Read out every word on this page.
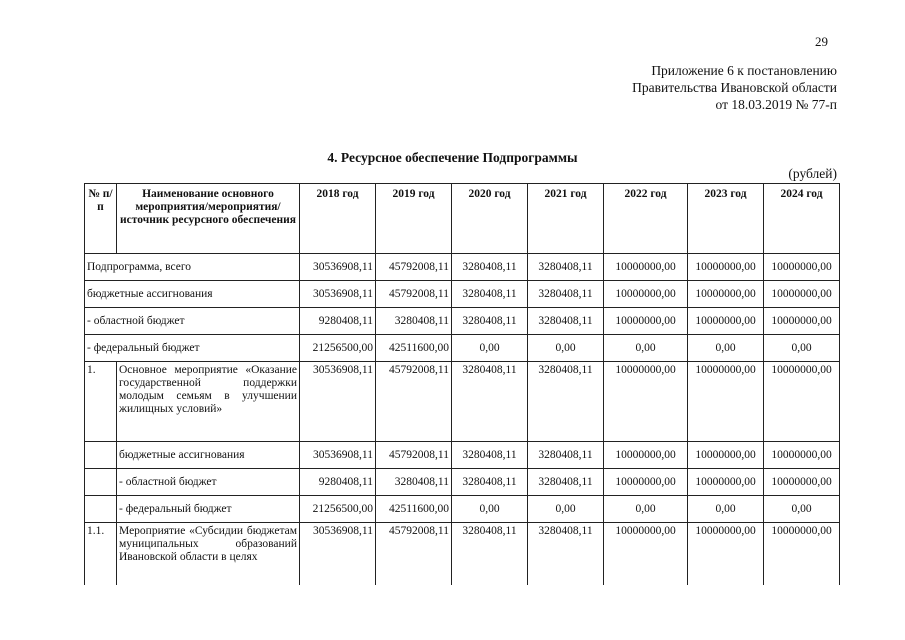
29
Приложение 6 к постановлению
Правительства Ивановской области
от 18.03.2019 № 77-п
4. Ресурсное обеспечение Подпрограммы
(рублей)
№ п/п	Наименование основного мероприятия/мероприятия/ источник ресурсного обеспечения	2018 год	2019 год	2020 год	2021 год	2022 год	2023 год	2024 год
Подпрограмма, всего		30536908,11	45792008,11	3280408,11	3280408,11	10000000,00	10000000,00	10000000,00
бюджетные ассигнования		30536908,11	45792008,11	3280408,11	3280408,11	10000000,00	10000000,00	10000000,00
- областной бюджет		9280408,11	3280408,11	3280408,11	3280408,11	10000000,00	10000000,00	10000000,00
- федеральный бюджет		21256500,00	42511600,00	0,00	0,00	0,00	0,00	0,00
1.	Основное мероприятие «Оказание государственной поддержки молодым семьям в улучшении жилищных условий»	30536908,11	45792008,11	3280408,11	3280408,11	10000000,00	10000000,00	10000000,00
	бюджетные ассигнования	30536908,11	45792008,11	3280408,11	3280408,11	10000000,00	10000000,00	10000000,00
	- областной бюджет	9280408,11	3280408,11	3280408,11	3280408,11	10000000,00	10000000,00	10000000,00
	- федеральный бюджет	21256500,00	42511600,00	0,00	0,00	0,00	0,00	0,00
1.1.	Мероприятие «Субсидии бюджетам муниципальных образований Ивановской области в целях	30536908,11	45792008,11	3280408,11	3280408,11	10000000,00	10000000,00	10000000,00
